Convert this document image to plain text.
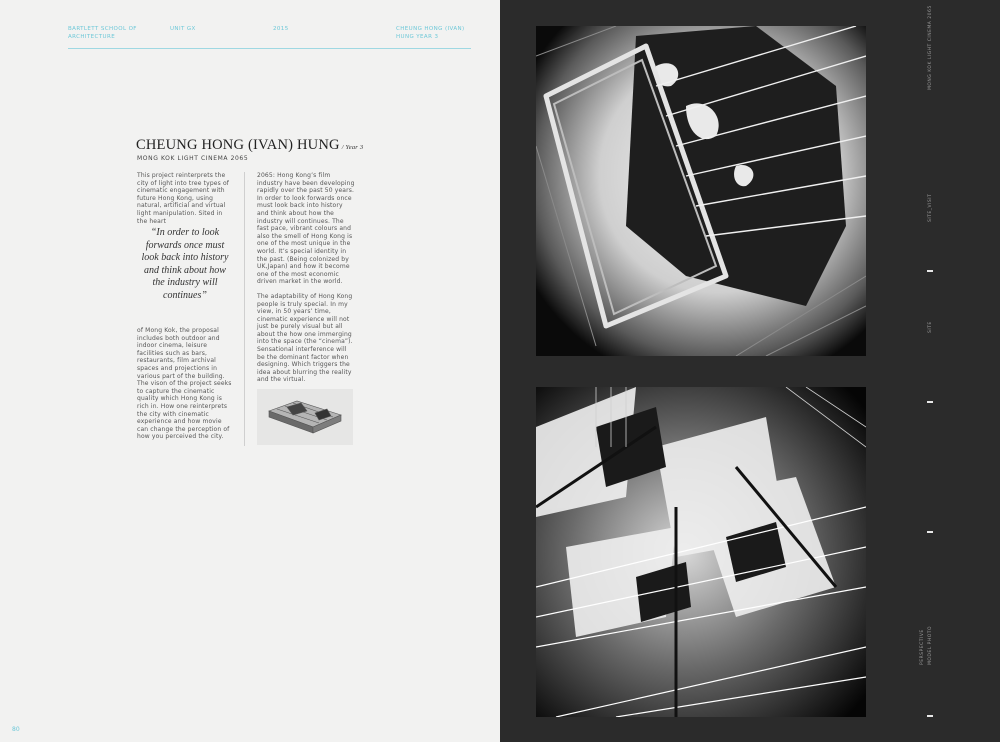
BARTLETT SCHOOL OF ARCHITECTURE
UNIT GX	2015	CHEUNG HONG (IVAN) HUNG YEAR 3
CHEUNG HONG (IVAN) HUNG / Year 3
MONG KOK LIGHT CINEMA 2065

This project reinterprets the city of light into tree types of cinematic engagement with future Hong Kong, using natural, artificial and virtual light manipulation. Sited in the heart

“In order to look forwards once must look back into history and think about how the industry will continues”

of Mong Kok, the proposal includes both outdoor and indoor cinema, leisure facilities such as bars, restaurants, film archival spaces and projections in various part of the building. The vison of the project seeks to capture the cinematic quality which Hong Kong is rich in. How one reinterprets the city with cinematic experience and how movie can change the perception of how you perceived the city.

2065: Hong Kong’s film industry have been developing rapidly over the past 50 years. In order to look forwards once must look back into history and think about how the industry will continues. The fast pace, vibrant colours and also the smell of Hong Kong is one of the most unique in the world. It’s special identity in the past. (Being colonized by UK,Japan) and how it become one of the most economic driven market in the world.

The adaptability of Hong Kong people is truly special. In my view, in 50 years’ time, cinematic experience will not just be purely visual but all about the how one immerging into the space (the “cinema”). Sensational interference will be the dominant factor when designing. Which triggers the idea about blurring the reality and the virtual.

80
MONG KOK LIGHT CINEMA 2065
SITE_VISIT
SITE
PERSPECTIVE MODEL PHOTO
